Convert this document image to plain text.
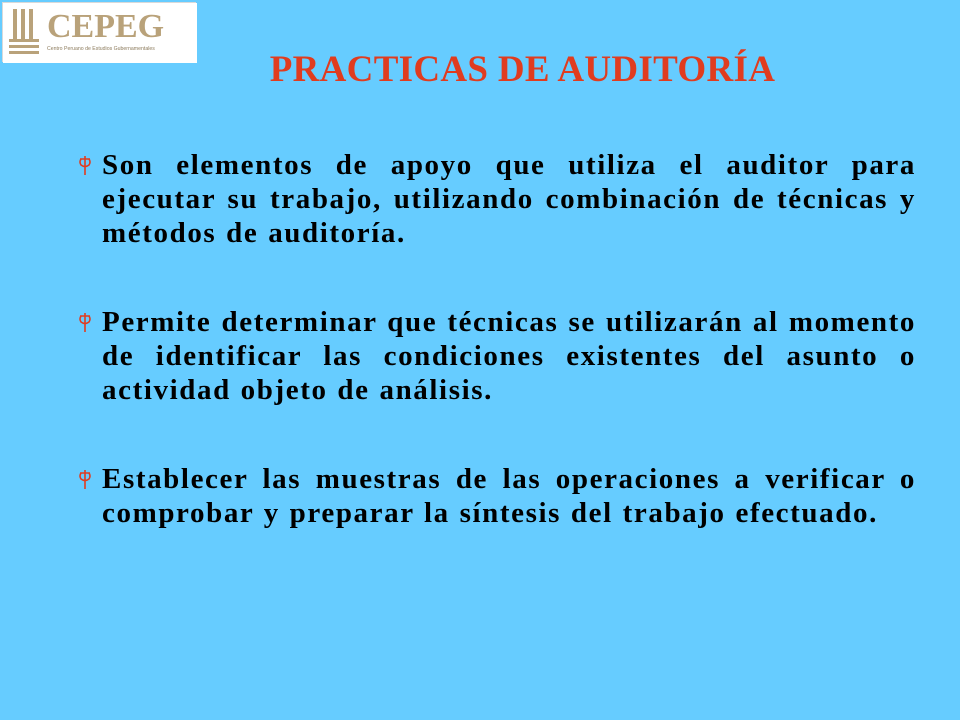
CEPEG
Centro Peruano de Estudios Gubernamentales	PRACTICAS DE AUDITORÍA
Son elementos de apoyo que utiliza el auditor para ejecutar su trabajo, utilizando combinación de técnicas y métodos de auditoría.
Permite determinar que técnicas se utilizarán al momento de identificar las condiciones existentes del asunto o actividad objeto de análisis.
Establecer las muestras de las operaciones a verificar o comprobar y preparar la síntesis del trabajo efectuado.
